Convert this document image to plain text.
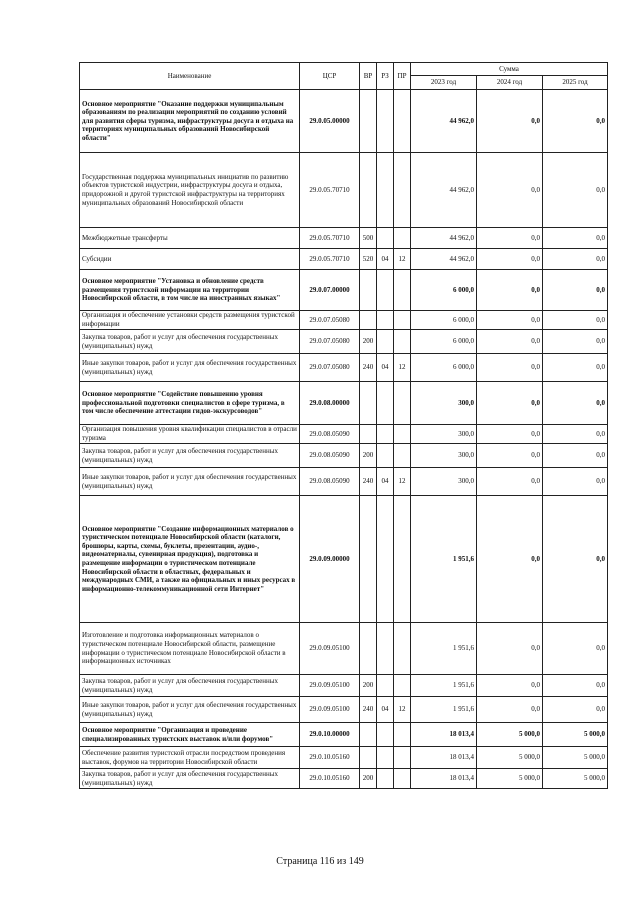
Наименование	ЦСР	ВР	РЗ	ПР	Сумма		
					2023 год	2024 год	2025 год
Основное мероприятие "Оказание поддержки муниципальным образованиям по реализации мероприятий по созданию условий для развития сферы туризма, инфраструктуры досуга и отдыха на территориях муниципальных образований Новосибирской области"	29.0.05.00000				44 962,0	0,0	0,0
Государственная поддержка муниципальных инициатив по развитию объектов туристской индустрии, инфраструктуры досуга и отдыха, придорожной и другой туристской инфраструктуры на территориях муниципальных образований Новосибирской области	29.0.05.70710				44 962,0	0,0	0,0
Межбюджетные трансферты	29.0.05.70710	500			44 962,0	0,0	0,0
Субсидии	29.0.05.70710	520	04	12	44 962,0	0,0	0,0
Основное мероприятие "Установка и обновление средств размещения туристской информации на территории Новосибирской области, в том числе на иностранных языках"	29.0.07.00000				6 000,0	0,0	0,0
Организация и обеспечение установки средств размещения туристской информации	29.0.07.05080				6 000,0	0,0	0,0
Закупка товаров, работ и услуг для обеспечения государственных (муниципальных) нужд	29.0.07.05080	200			6 000,0	0,0	0,0
Иные закупки товаров, работ и услуг для обеспечения государственных (муниципальных) нужд	29.0.07.05080	240	04	12	6 000,0	0,0	0,0
Основное мероприятие "Содействие повышению уровня профессиональной подготовки специалистов в сфере туризма, в том числе обеспечение аттестации гидов-экскурсоводов"	29.0.08.00000				300,0	0,0	0,0
Организация повышения уровня квалификации специалистов в отрасли туризма	29.0.08.05090				300,0	0,0	0,0
Закупка товаров, работ и услуг для обеспечения государственных (муниципальных) нужд	29.0.08.05090	200			300,0	0,0	0,0
Иные закупки товаров, работ и услуг для обеспечения государственных (муниципальных) нужд	29.0.08.05090	240	04	12	300,0	0,0	0,0
Основное мероприятие "Создание информационных материалов о туристическом потенциале Новосибирской области (каталоги, брошюры, карты, схемы, буклеты, презентации, аудио-, видеоматериалы, сувенирная продукция), подготовка и размещение информации о туристическом потенциале Новосибирской области в областных, федеральных и международных СМИ, а также на официальных и иных ресурсах в информационно-телекоммуникационной сети Интернет"	29.0.09.00000				1 951,6	0,0	0,0
Изготовление и подготовка информационных материалов о туристическом потенциале Новосибирской области, размещение информации о туристическом потенциале Новосибирской области в информационных источниках	29.0.09.05100				1 951,6	0,0	0,0
Закупка товаров, работ и услуг для обеспечения государственных (муниципальных) нужд	29.0.09.05100	200			1 951,6	0,0	0,0
Иные закупки товаров, работ и услуг для обеспечения государственных (муниципальных) нужд	29.0.09.05100	240	04	12	1 951,6	0,0	0,0
Основное мероприятие "Организация и проведение специализированных туристских выставок и/или форумов"	29.0.10.00000				18 013,4	5 000,0	5 000,0
Обеспечение развития туристской отрасли посредством проведения выставок, форумов на территории Новосибирской области	29.0.10.05160				18 013,4	5 000,0	5 000,0
Закупка товаров, работ и услуг для обеспечения государственных (муниципальных) нужд	29.0.10.05160	200			18 013,4	5 000,0	5 000,0
Страница 116 из 149
